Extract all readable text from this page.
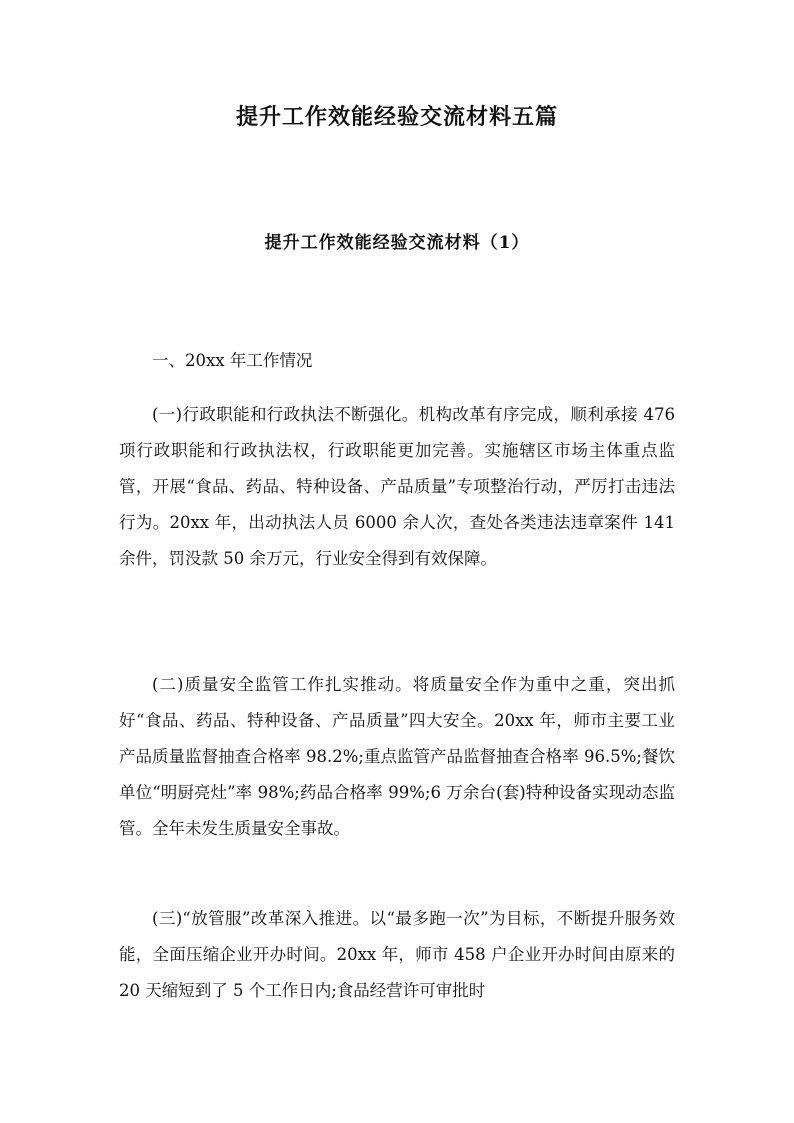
提升工作效能经验交流材料五篇
提升工作效能经验交流材料（1）

一、20xx 年工作情况

(一)行政职能和行政执法不断强化。机构改革有序完成，顺利承接 476 项行政职能和行政执法权，行政职能更加完善。实施辖区市场主体重点监管，开展“食品、药品、特种设备、产品质量”专项整治行动，严厉打击违法行为。20xx 年，出动执法人员 6000 余人次，查处各类违法违章案件 141 余件，罚没款 50 余万元，行业安全得到有效保障。

(二)质量安全监管工作扎实推动。将质量安全作为重中之重，突出抓好“食品、药品、特种设备、产品质量”四大安全。20xx 年，师市主要工业产品质量监督抽查合格率 98.2%;重点监管产品监督抽查合格率 96.5%;餐饮单位“明厨亮灶”率 98%;药品合格率 99%;6 万余台(套)特种设备实现动态监管。全年未发生质量安全事故。

(三)“放管服”改革深入推进。以“最多跑一次”为目标，不断提升服务效能，全面压缩企业开办时间。20xx 年，师市 458 户企业开办时间由原来的 20 天缩短到了 5 个工作日内;食品经营许可审批时
